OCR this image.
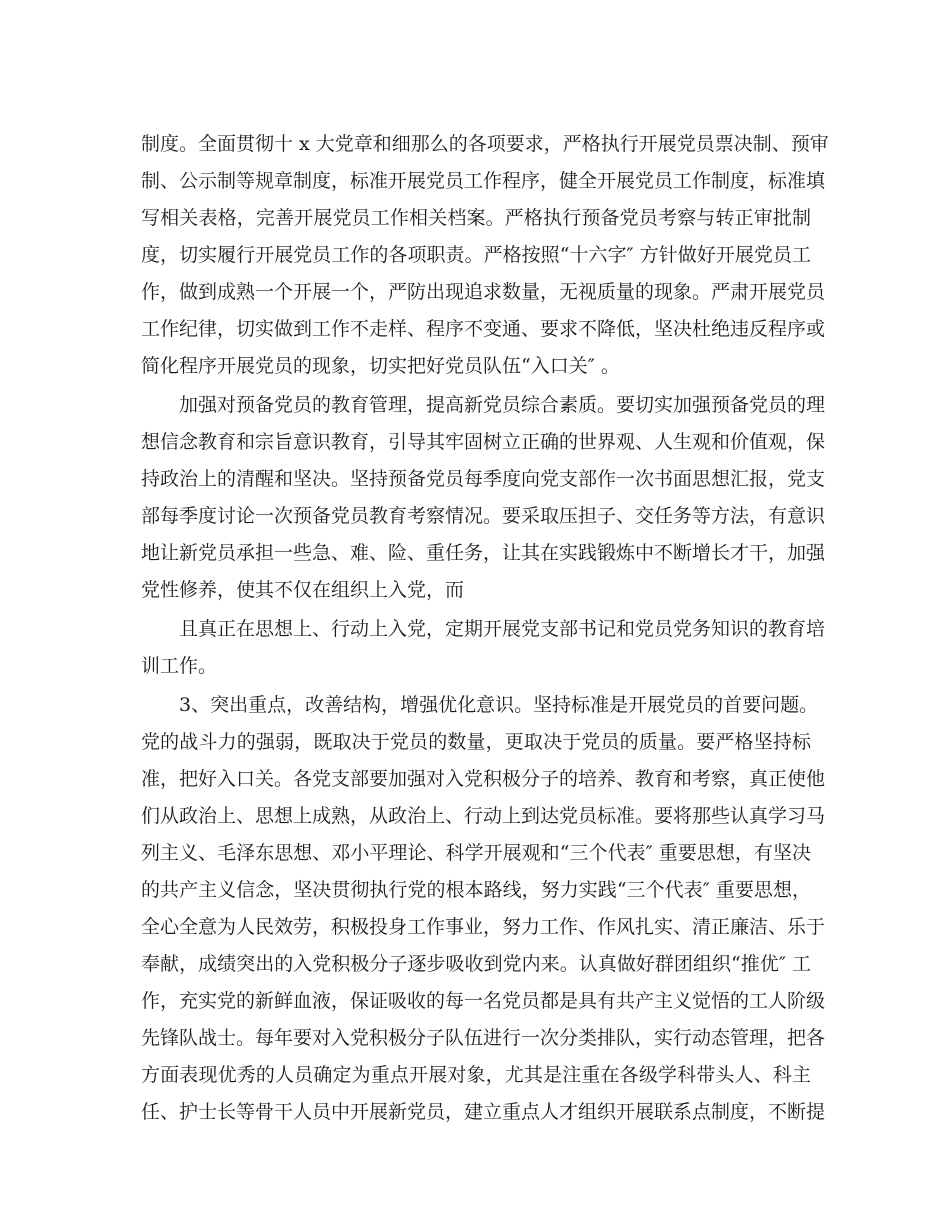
制度。全面贯彻十 x 大党章和细那么的各项要求，严格执行开展党员票决制、预审
制、公示制等规章制度，标准开展党员工作程序，健全开展党员工作制度，标准填
写相关表格，完善开展党员工作相关档案。严格执行预备党员考察与转正审批制
度，切实履行开展党员工作的各项职责。严格按照“十六字″ 方针做好开展党员工
作，做到成熟一个开展一个，严防出现追求数量，无视质量的现象。严肃开展党员
工作纪律，切实做到工作不走样、程序不变通、要求不降低，坚决杜绝违反程序或
简化程序开展党员的现象，切实把好党员队伍“入口关″ 。
加强对预备党员的教育管理，提高新党员综合素质。要切实加强预备党员的理
想信念教育和宗旨意识教育，引导其牢固树立正确的世界观、人生观和价值观，保
持政治上的清醒和坚决。坚持预备党员每季度向党支部作一次书面思想汇报，党支
部每季度讨论一次预备党员教育考察情况。要采取压担子、交任务等方法，有意识
地让新党员承担一些急、难、险、重任务，让其在实践锻炼中不断增长才干，加强
党性修养，使其不仅在组织上入党，而
且真正在思想上、行动上入党，定期开展党支部书记和党员党务知识的教育培
训工作。
3、突出重点，改善结构，增强优化意识。坚持标准是开展党员的首要问题。
党的战斗力的强弱，既取决于党员的数量，更取决于党员的质量。要严格坚持标
准，把好入口关。各党支部要加强对入党积极分子的培养、教育和考察，真正使他
们从政治上、思想上成熟，从政治上、行动上到达党员标准。要将那些认真学习马
列主义、毛泽东思想、邓小平理论、科学开展观和“三个代表″ 重要思想，有坚决
的共产主义信念，坚决贯彻执行党的根本路线，努力实践“三个代表″ 重要思想，
全心全意为人民效劳，积极投身工作事业，努力工作、作风扎实、清正廉洁、乐于
奉献，成绩突出的入党积极分子逐步吸收到党内来。认真做好群团组织“推优″ 工
作，充实党的新鲜血液，保证吸收的每一名党员都是具有共产主义觉悟的工人阶级
先锋队战士。每年要对入党积极分子队伍进行一次分类排队，实行动态管理，把各
方面表现优秀的人员确定为重点开展对象，尤其是注重在各级学科带头人、科主
任、护士长等骨干人员中开展新党员，建立重点人才组织开展联系点制度，不断提
